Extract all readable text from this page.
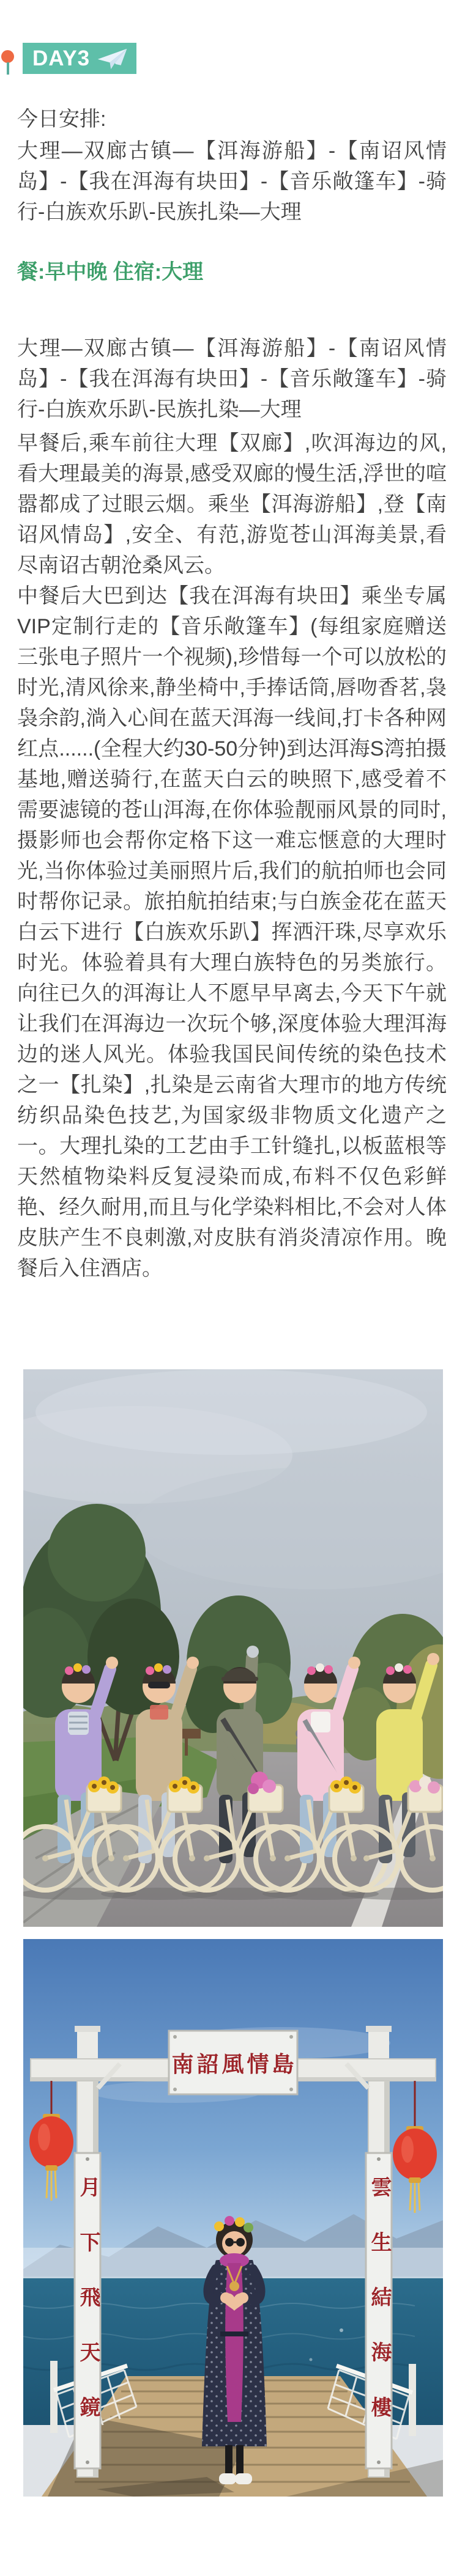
DAY3
今日安排:
大理—双廊古镇—【洱海游船】-【南诏风情岛】-【我在洱海有块田】-【音乐敞篷车】-骑行-白族欢乐趴-民族扎染—大理
餐:早中晚 住宿:大理
大理—双廊古镇—【洱海游船】-【南诏风情岛】-【我在洱海有块田】-【音乐敞篷车】-骑行-白族欢乐趴-民族扎染—大理

早餐后,乘车前往大理【双廊】,吹洱海边的风,看大理最美的海景,感受双廊的慢生活,浮世的喧嚣都成了过眼云烟。乘坐【洱海游船】,登【南诏风情岛】,安全、有范,游览苍山洱海美景,看尽南诏古朝沧桑风云。

中餐后大巴到达【我在洱海有块田】乘坐专属VIP定制行走的【音乐敞篷车】(每组家庭赠送三张电子照片一个视频),珍惜每一个可以放松的时光,清风徐来,静坐椅中,手捧话筒,唇吻香茗,袅袅余韵,淌入心间在蓝天洱海一线间,打卡各种网红点......(全程大约30-50分钟)到达洱海S湾拍摄基地,赠送骑行,在蓝天白云的映照下,感受着不需要滤镜的苍山洱海,在你体验靓丽风景的同时,摄影师也会帮你定格下这一难忘惬意的大理时光,当你体验过美丽照片后,我们的航拍师也会同时帮你记录。旅拍航拍结束;与白族金花在蓝天白云下进行【白族欢乐趴】挥洒汗珠,尽享欢乐时光。体验着具有大理白族特色的另类旅行。向往已久的洱海让人不愿早早离去,今天下午就让我们在洱海边一次玩个够,深度体验大理洱海边的迷人风光。体验我国民间传统的染色技术之一【扎染】,扎染是云南省大理市的地方传统纺织品染色技艺,为国家级非物质文化遗产之一。大理扎染的工艺由手工针缝扎,以板蓝根等天然植物染料反复浸染而成,布料不仅色彩鲜艳、经久耐用,而且与化学染料相比,不会对人体皮肤产生不良刺激,对皮肤有消炎清凉作用。晚餐后入住酒店。

南詔風情島
月下飛天鏡	雲生結海樓
